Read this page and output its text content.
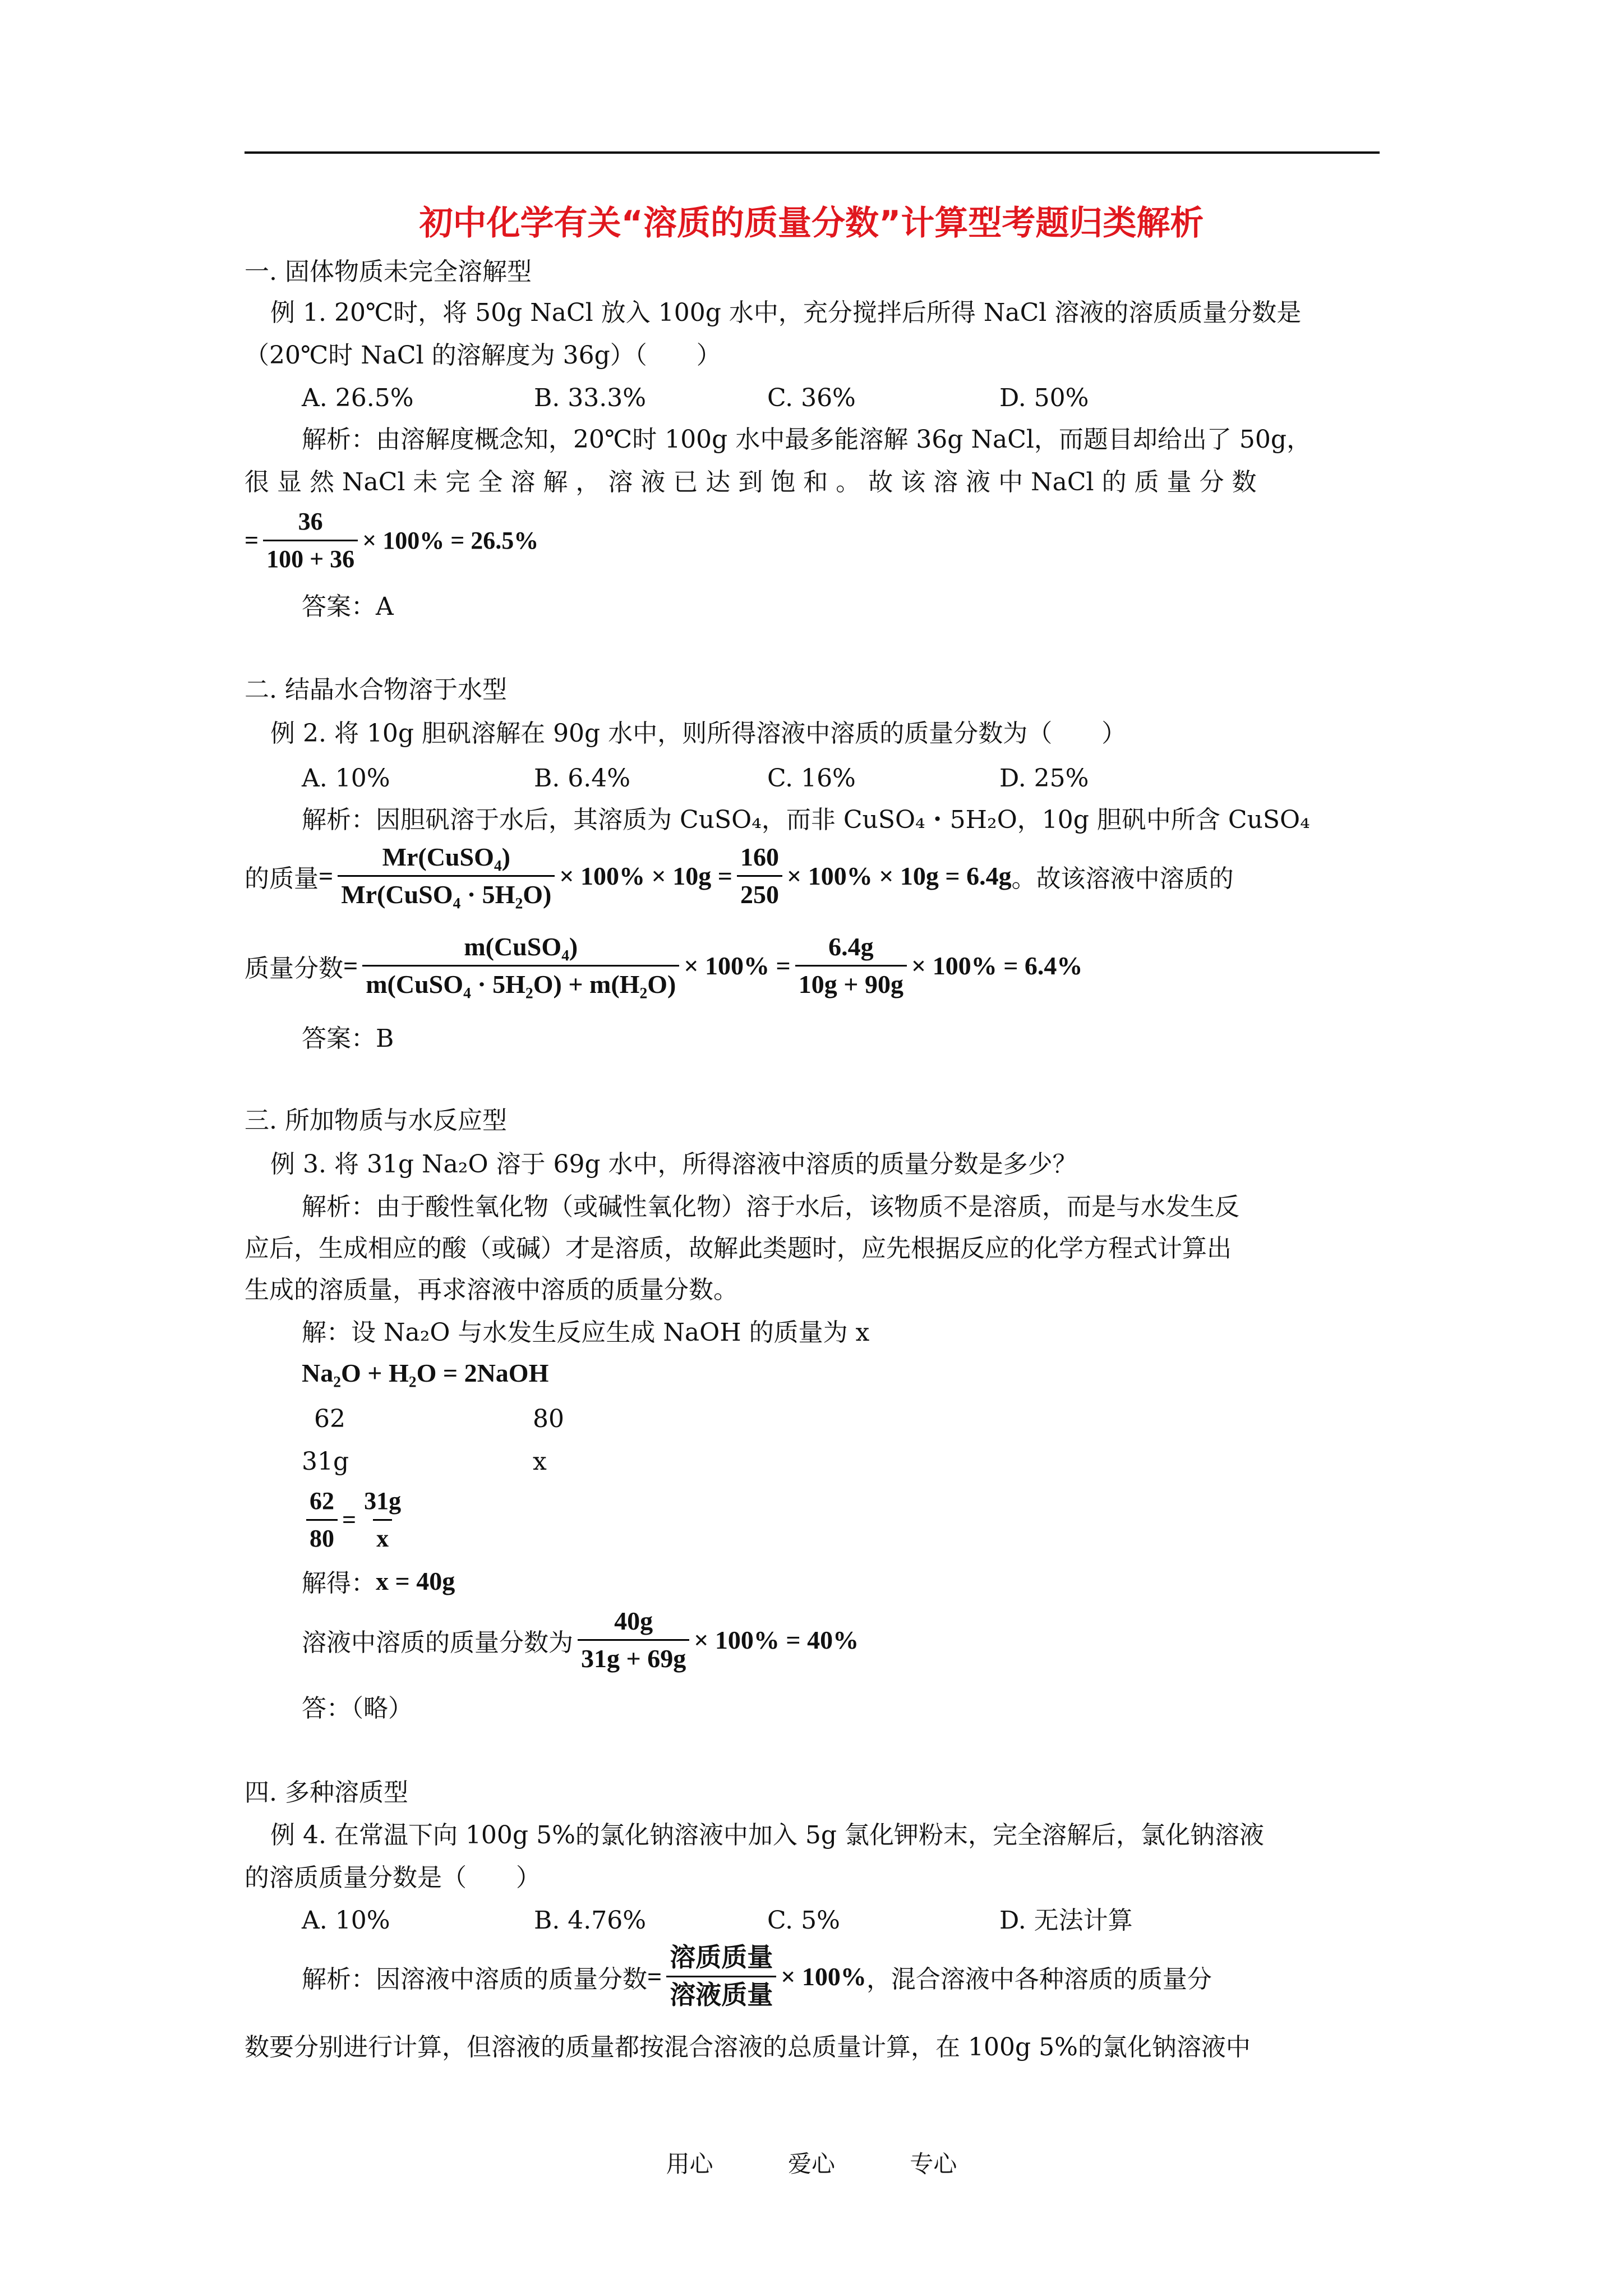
初中化学有关“溶质的质量分数”计算型考题归类解析
一. 固体物质未完全溶解型
例 1. 20℃时，将 50g NaCl 放入 100g 水中，充分搅拌后所得 NaCl 溶液的溶质质量分数是
（20℃时 NaCl 的溶解度为 36g）（　　）
A. 26.5%	B. 33.3%	C. 36%	D. 50%
解析：由溶解度概念知，20℃时 100g 水中最多能溶解 36g NaCl，而题目却给出了 50g，
很 显 然 NaCl 未 完 全 溶 解 ， 溶 液 已 达 到 饱 和 。 故 该 溶 液 中 NaCl 的 质 量 分 数
= $\frac{36}{100 + 36} \times 100\% = 26.5\%$
答案：A
二. 结晶水合物溶于水型
例 2. 将 10g 胆矾溶解在 90g 水中，则所得溶液中溶质的质量分数为（　　）
A. 10%	B. 6.4%	C. 16%	D. 25%
解析：因胆矾溶于水后，其溶质为 CuSO₄，而非 CuSO₄・5H₂O，10g 胆矾中所含 CuSO₄
的质量 = $\frac{\text{Mr(CuSO₄)}}{\text{Mr(CuSO₄ · 5H₂O)}} \times 100\% \times 10g = \frac{160}{250} \times 100\% \times 10g = 6.4g$ 。故该溶液中溶质的
质量分数 = $\frac{\text{m(CuSO₄)}}{\text{m(CuSO₄ · 5H₂O) + m(H₂O)}} \times 100\% = \frac{6.4g}{10g + 90g} \times 100\% = 6.4\%$
答案：B
三. 所加物质与水反应型
例 3. 将 31g Na₂O 溶于 69g 水中，所得溶液中溶质的质量分数是多少？
解析：由于酸性氧化物（或碱性氧化物）溶于水后，该物质不是溶质，而是与水发生反
应后，生成相应的酸（或碱）才是溶质，故解此类题时，应先根据反应的化学方程式计算出
生成的溶质量，再求溶液中溶质的质量分数。
解：设 Na₂O 与水发生反应生成 NaOH 的质量为 x
Na₂O + H₂O = 2NaOH
62	80
31g	x
$\frac{62}{80} = \frac{31g}{x}$
解得： x = 40g
溶液中溶质的质量分数为 $\frac{40g}{31g + 69g} \times 100\% = 40\%$
答：（略）
四. 多种溶质型
例 4. 在常温下向 100g 5%的氯化钠溶液中加入 5g 氯化钾粉末，完全溶解后，氯化钠溶液
的溶质质量分数是（　　）
A. 10%	B. 4.76%	C. 5%	D. 无法计算
解析：因溶液中溶质的质量分数 = $\frac{\text{溶质质量}}{\text{溶液质量}} \times 100\%$ ，混合溶液中各种溶质的质量分
数要分别进行计算，但溶液的质量都按混合溶液的总质量计算，在 100g 5%的氯化钠溶液中
用心	爱心	专心
